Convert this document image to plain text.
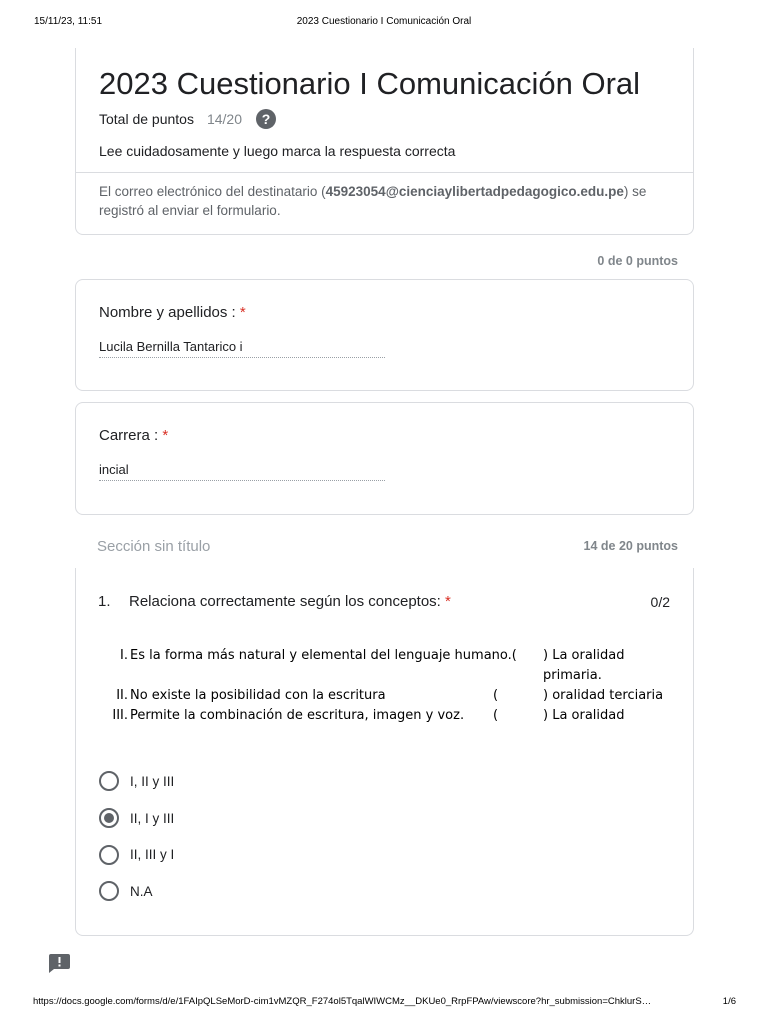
15/11/23, 11:51	2023 Cuestionario I Comunicación Oral
2023 Cuestionario I Comunicación Oral
Total de puntos 14/20	?
Lee cuidadosamente y luego marca la respuesta correcta
El correo electrónico del destinatario (45923054@cienciaylibertadpedagogico.edu.pe) se registró al enviar el formulario.
0 de 0 puntos
Nombre y apellidos : *
Lucila Bernilla Tantarico i
Carrera : *
incial
Sección sin título	14 de 20 puntos
1. Relaciona correctamente según los conceptos: *	0/2
I. Es la forma más natural y elemental del lenguaje humano.( ) La oralidad
primaria.
II. No existe la posibilidad con la escritura	(	) oralidad terciaria
III. Permite la combinación de escritura, imagen y voz. (	) La oralidad
I, II y III
II, I y III
II, III y I
N.A
https://docs.google.com/forms/d/e/1FAIpQLSeMorD-cim1vMZQR_F274ol5TqalWIWCMz__DKUe0_RrpFPAw/viewscore?hr_submission=ChklurS…	1/6
